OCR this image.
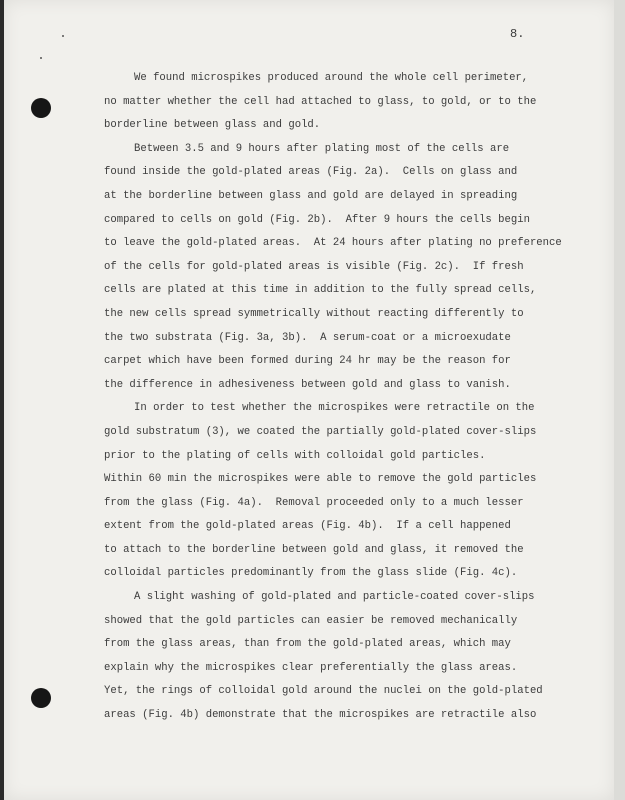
8.

We found microspikes produced around the whole cell perimeter,

no matter whether the cell had attached to glass, to gold, or to the

borderline between glass and gold.

Between 3.5 and 9 hours after plating most of the cells are

found inside the gold-plated areas (Fig. 2a).  Cells on glass and

at the borderline between glass and gold are delayed in spreading

compared to cells on gold (Fig. 2b).  After 9 hours the cells begin

to leave the gold-plated areas.  At 24 hours after plating no preference

of the cells for gold-plated areas is visible (Fig. 2c).  If fresh

cells are plated at this time in addition to the fully spread cells,

the new cells spread symmetrically without reacting differently to

the two substrata (Fig. 3a, 3b).  A serum-coat or a microexudate

carpet which have been formed during 24 hr may be the reason for

the difference in adhesiveness between gold and glass to vanish.

In order to test whether the microspikes were retractile on the

gold substratum (3), we coated the partially gold-plated cover-slips

prior to the plating of cells with colloidal gold particles.

Within 60 min the microspikes were able to remove the gold particles

from the glass (Fig. 4a).  Removal proceeded only to a much lesser

extent from the gold-plated areas (Fig. 4b).  If a cell happened

to attach to the borderline between gold and glass, it removed the

colloidal particles predominantly from the glass slide (Fig. 4c).

A slight washing of gold-plated and particle-coated cover-slips

showed that the gold particles can easier be removed mechanically

from the glass areas, than from the gold-plated areas, which may

explain why the microspikes clear preferentially the glass areas.

Yet, the rings of colloidal gold around the nuclei on the gold-plated

areas (Fig. 4b) demonstrate that the microspikes are retractile also
